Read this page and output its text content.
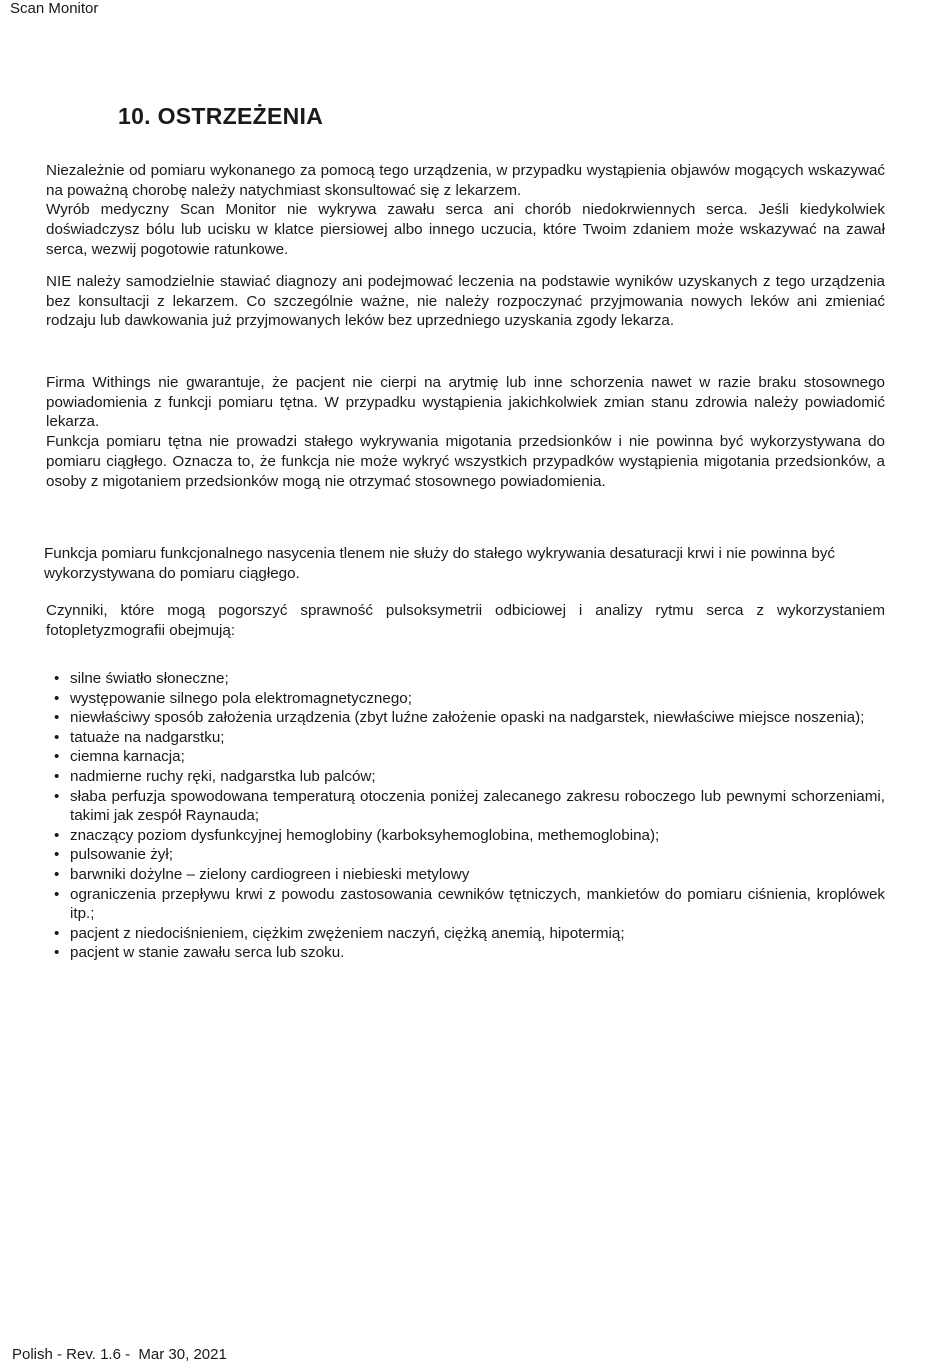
Scan Monitor
10. OSTRZEŻENIA

Niezależnie od pomiaru wykonanego za pomocą tego urządzenia, w przypadku wystąpienia objawów mogących wskazywać na poważną chorobę należy natychmiast skonsultować się z lekarzem.

Wyrób medyczny Scan Monitor nie wykrywa zawału serca ani chorób niedokrwiennych serca. Jeśli kiedykolwiek doświadczysz bólu lub ucisku w klatce piersiowej albo innego uczucia, które Twoim zdaniem może wskazywać na zawał serca, wezwij pogotowie ratunkowe.

NIE należy samodzielnie stawiać diagnozy ani podejmować leczenia na podstawie wyników uzyskanych z tego urządzenia bez konsultacji z lekarzem. Co szczególnie ważne, nie należy rozpoczynać przyjmowania nowych leków ani zmieniać rodzaju lub dawkowania już przyjmowanych leków bez uprzedniego uzyskania zgody lekarza.

Firma Withings nie gwarantuje, że pacjent nie cierpi na arytmię lub inne schorzenia nawet w razie braku stosownego powiadomienia z funkcji pomiaru tętna. W przypadku wystąpienia jakichkolwiek zmian stanu zdrowia należy powiadomić lekarza.

Funkcja pomiaru tętna nie prowadzi stałego wykrywania migotania przedsionków i nie powinna być wykorzystywana do pomiaru ciągłego. Oznacza to, że funkcja nie może wykryć wszystkich przypadków wystąpienia migotania przedsionków, a osoby z migotaniem przedsionków mogą nie otrzymać stosownego powiadomienia.

Funkcja pomiaru funkcjonalnego nasycenia tlenem nie służy do stałego wykrywania desaturacji krwi i nie powinna być wykorzystywana do pomiaru ciągłego.

Czynniki, które mogą pogorszyć sprawność pulsoksymetrii odbiciowej i analizy rytmu serca z wykorzystaniem fotopletyzmografii obejmują:

• silne światło słoneczne;
• występowanie silnego pola elektromagnetycznego;
• niewłaściwy sposób założenia urządzenia (zbyt luźne założenie opaski na nadgarstek, niewłaściwe miejsce noszenia);
• tatuaże na nadgarstku;
• ciemna karnacja;
• nadmierne ruchy ręki, nadgarstka lub palców;
• słaba perfuzja spowodowana temperaturą otoczenia poniżej zalecanego zakresu roboczego lub pewnymi schorzeniami, takimi jak zespół Raynauda;
• znaczący poziom dysfunkcyjnej hemoglobiny (karboksyhemoglobina, methemoglobina);
• pulsowanie żył;
• barwniki dożylne – zielony cardiogreen i niebieski metylowy
• ograniczenia przepływu krwi z powodu zastosowania cewników tętniczych, mankietów do pomiaru ciśnienia, kroplówek itp.;
• pacjent z niedociśnieniem, ciężkim zwężeniem naczyń, ciężką anemią, hipotermią;
• pacjent w stanie zawału serca lub szoku.
Polish - Rev. 1.6 -  Mar 30, 2021
